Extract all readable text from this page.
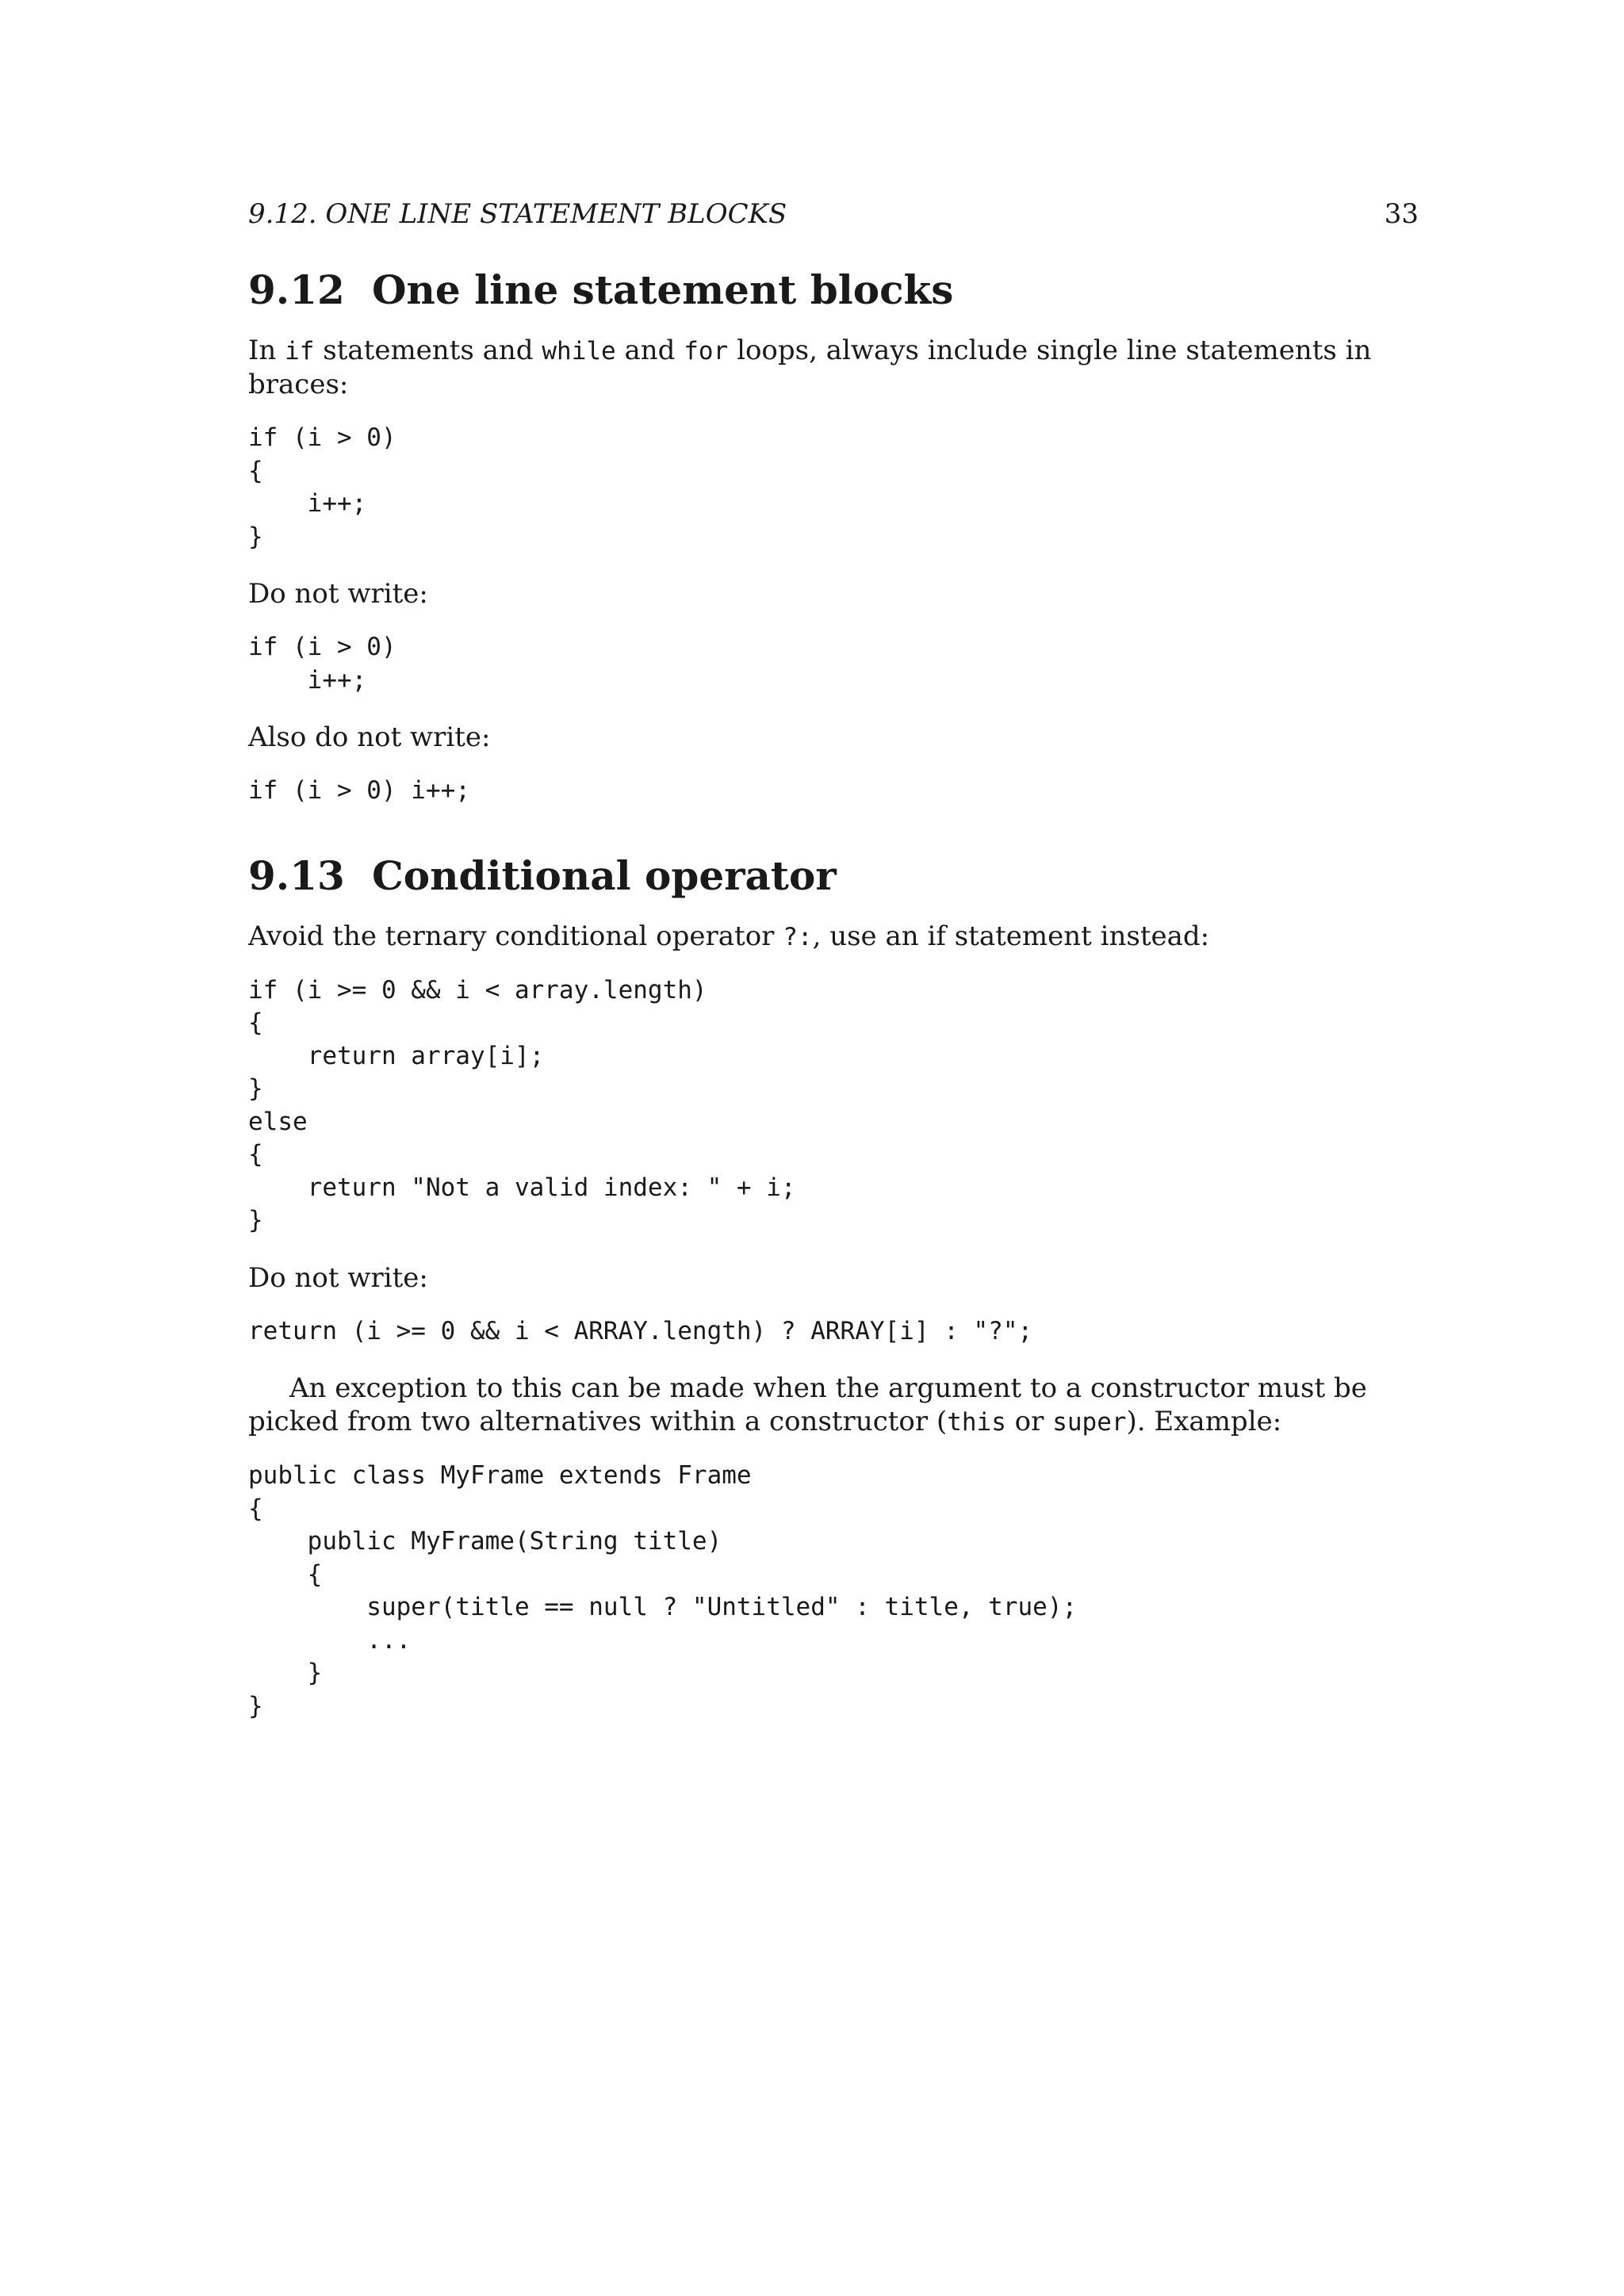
9.12. ONE LINE STATEMENT BLOCKS	33
9.12 One line statement blocks

In if statements and while and for loops, always include single line statements in braces:

if (i > 0)
{
i++;
}

Do not write:

if (i > 0)
i++;

Also do not write:

if (i > 0) i++;
9.13 Conditional operator

Avoid the ternary conditional operator ?:, use an if statement instead:

if (i >= 0 && i < array.length)
{
return array[i];
}
else
{
return "Not a valid index: " + i;
}

Do not write:

return (i >= 0 && i < ARRAY.length) ? ARRAY[i] : "?";

An exception to this can be made when the argument to a constructor must be picked from two alternatives within a constructor (this or super). Example:

public class MyFrame extends Frame
{
public MyFrame(String title)
{
super(title == null ? "Untitled" : title, true);
...
}
}
